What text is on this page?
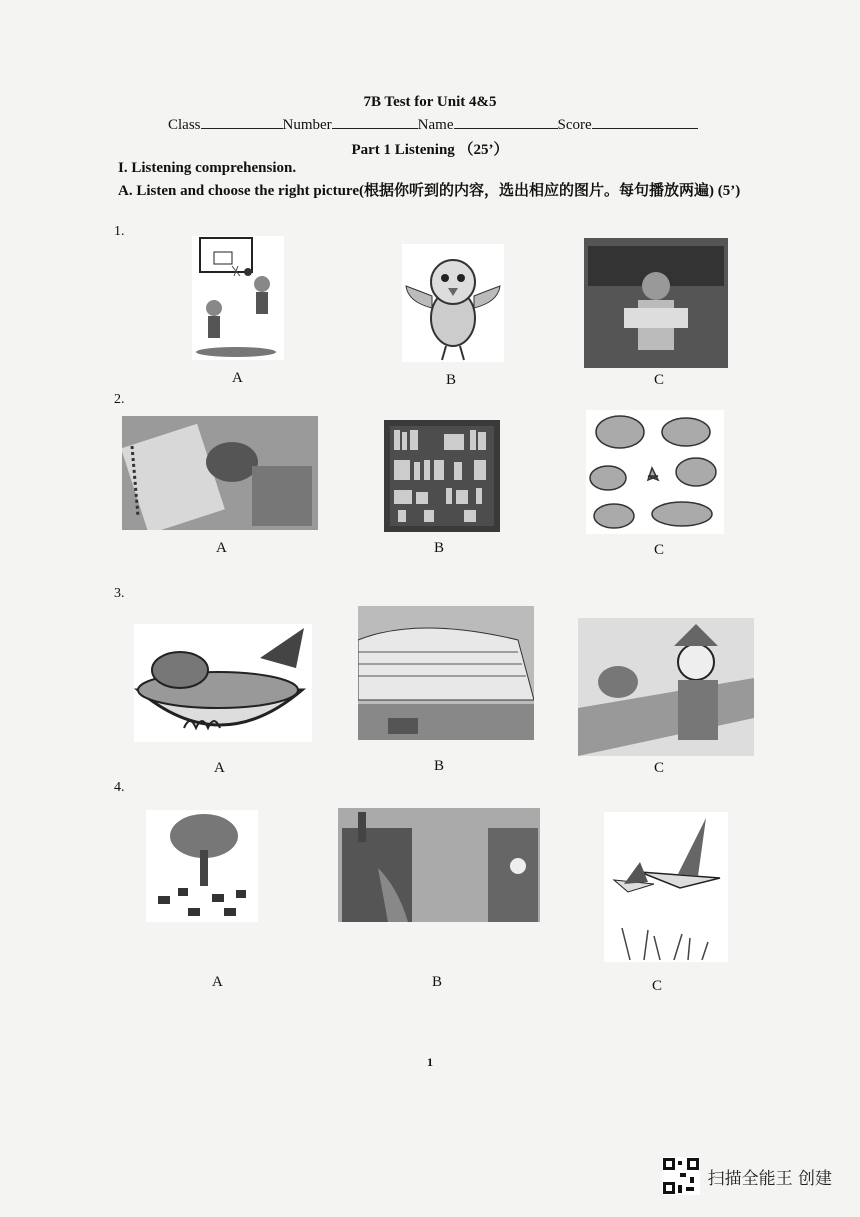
7B Test for Unit 4&5
Class	Number	Name	Score
Part 1 Listening （25’）
I. Listening comprehension.
A. Listen and choose the right picture(根据你听到的内容，选出相应的图片。每句播放两遍) (5’)
1.
A	B	C
2.
A	B	C
3.
A	B	C
4.
A	B	C
1
扫描全能王 创建
